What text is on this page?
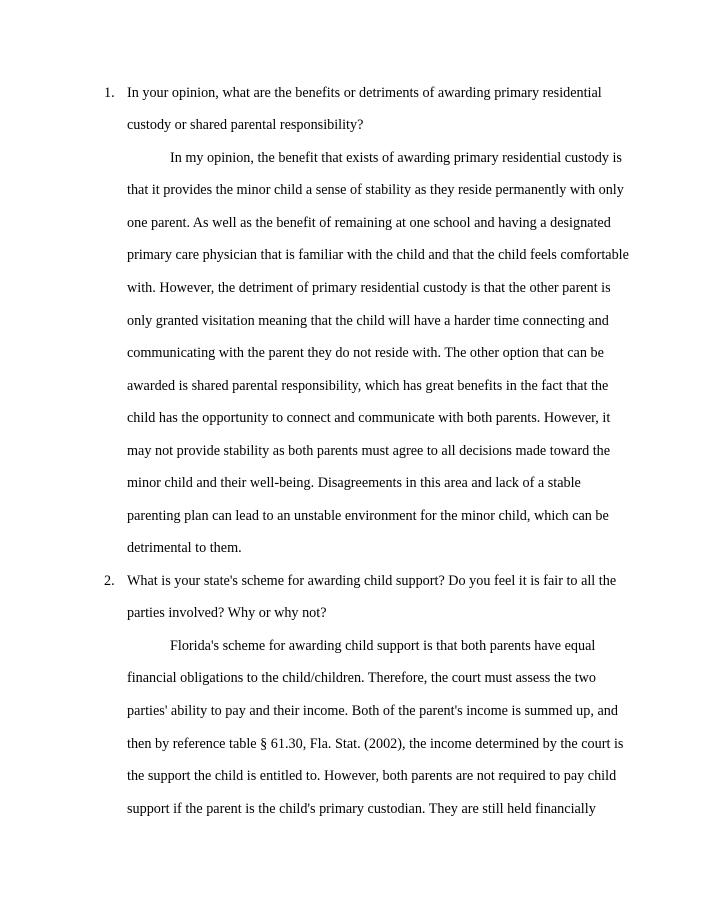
1. In your opinion, what are the benefits or detriments of awarding primary residential
custody or shared parental responsibility?
In my opinion, the benefit that exists of awarding primary residential custody is
that it provides the minor child a sense of stability as they reside permanently with only
one parent. As well as the benefit of remaining at one school and having a designated
primary care physician that is familiar with the child and that the child feels comfortable
with. However, the detriment of primary residential custody is that the other parent is
only granted visitation meaning that the child will have a harder time connecting and
communicating with the parent they do not reside with. The other option that can be
awarded is shared parental responsibility, which has great benefits in the fact that the
child has the opportunity to connect and communicate with both parents. However, it
may not provide stability as both parents must agree to all decisions made toward the
minor child and their well-being. Disagreements in this area and lack of a stable
parenting plan can lead to an unstable environment for the minor child, which can be
detrimental to them.
2. What is your state's scheme for awarding child support? Do you feel it is fair to all the
parties involved? Why or why not?
Florida's scheme for awarding child support is that both parents have equal
financial obligations to the child/children. Therefore, the court must assess the two
parties' ability to pay and their income. Both of the parent's income is summed up, and
then by reference table § 61.30, Fla. Stat. (2002), the income determined by the court is
the support the child is entitled to. However, both parents are not required to pay child
support if the parent is the child's primary custodian. They are still held financially
